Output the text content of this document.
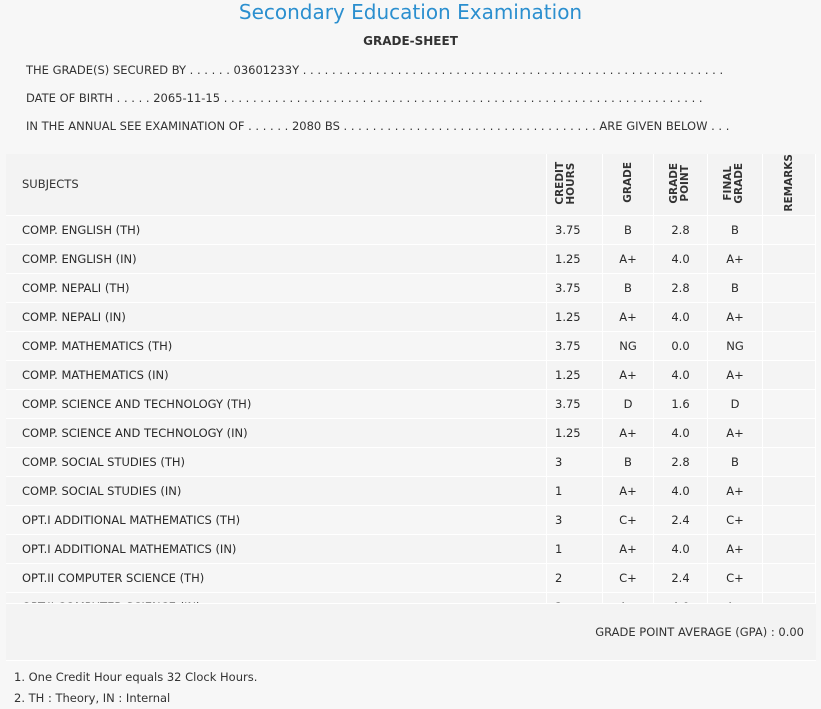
Secondary Education Examination
GRADE-SHEET
THE GRADE(S) SECURED BY . . . . . . 03601233Y . . . . . . . . . . . . . . . . . . . . . . . . . . . . . . . . . . . . . . . . . . . . . . . . . . . . . . . . . .
DATE OF BIRTH . . . . . 2065-11-15 . . . . . . . . . . . . . . . . . . . . . . . . . . . . . . . . . . . . . . . . . . . . . . . . . . . . . . . . . . . . . . . . . .
IN THE ANNUAL SEE EXAMINATION OF . . . . . . 2080 BS . . . . . . . . . . . . . . . . . . . . . . . . . . . . . . . . . . . ARE GIVEN BELOW . . .
SUBJECTS	CREDIT HOURS	GRADE	GRADE POINT	FINAL GRADE	REMARKS
COMP. ENGLISH (TH)	3.75	B	2.8	B	
COMP. ENGLISH (IN)	1.25	A+	4.0	A+	
COMP. NEPALI (TH)	3.75	B	2.8	B	
COMP. NEPALI (IN)	1.25	A+	4.0	A+	
COMP. MATHEMATICS (TH)	3.75	NG	0.0	NG	
COMP. MATHEMATICS (IN)	1.25	A+	4.0	A+	
COMP. SCIENCE AND TECHNOLOGY (TH)	3.75	D	1.6	D	
COMP. SCIENCE AND TECHNOLOGY (IN)	1.25	A+	4.0	A+	
COMP. SOCIAL STUDIES (TH)	3	B	2.8	B	
COMP. SOCIAL STUDIES (IN)	1	A+	4.0	A+	
OPT.I ADDITIONAL MATHEMATICS (TH)	3	C+	2.4	C+	
OPT.I ADDITIONAL MATHEMATICS (IN)	1	A+	4.0	A+	
OPT.II COMPUTER SCIENCE (TH)	2	C+	2.4	C+	

GRADE POINT AVERAGE (GPA) : 0.00
1. One Credit Hour equals 32 Clock Hours.
2. TH : Theory, IN : Internal
